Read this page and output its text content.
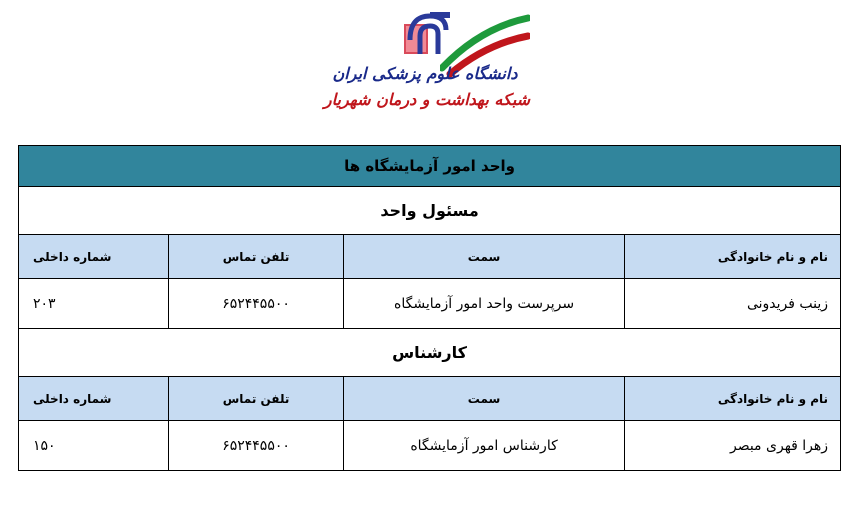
دانشگاه علوم پزشکی ایران
شبکه بهداشت و درمان شهریار
واحد امور آزمایشگاه ها			
مسئول واحد			
نام و نام خانوادگی	سمت	تلفن تماس	شماره داخلی
زینب فریدونی	سرپرست واحد امور آزمایشگاه	۶۵۲۴۴۵۵۰۰	۲۰۳
کارشناس			
نام و نام خانوادگی	سمت	تلفن تماس	شماره داخلی
زهرا قهری مبصر	کارشناس امور آزمایشگاه	۶۵۲۴۴۵۵۰۰	۱۵۰
